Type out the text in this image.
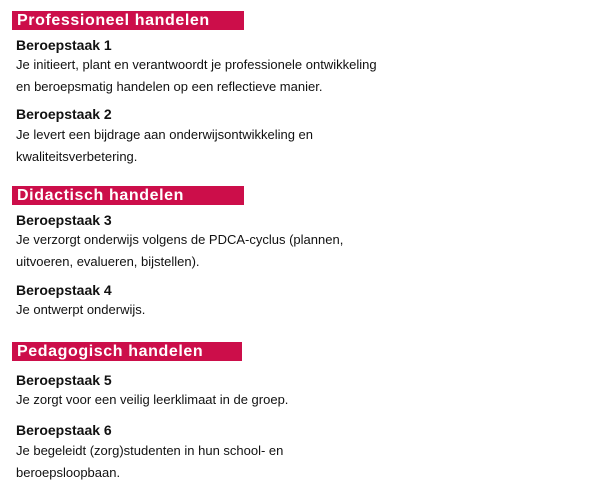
Professioneel handelen
Beroepstaak 1
Je initieert, plant en verantwoordt je professionele ontwikkeling
en beroepsmatig handelen op een reflectieve manier.
Beroepstaak 2
Je levert een bijdrage aan onderwijsontwikkeling en
kwaliteitsverbetering.
Didactisch handelen
Beroepstaak 3
Je verzorgt onderwijs volgens de PDCA-cyclus (plannen,
uitvoeren, evalueren, bijstellen).
Beroepstaak 4
Je ontwerpt onderwijs.
Pedagogisch handelen
Beroepstaak 5
Je zorgt voor een veilig leerklimaat in de groep.
Beroepstaak 6
Je begeleidt (zorg)studenten in hun school- en
beroepsloopbaan.
